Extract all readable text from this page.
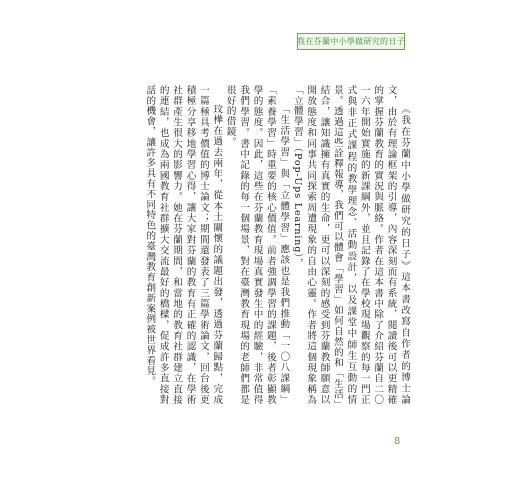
我在芬蘭中小學做研究的日子

《我在芬蘭中小學做研究的日子》這本書改寫自作者的博士論文，由於有理論框架的引導，內容深刻而有系統，閱讀後可以更精確的掌握芬蘭教育的實況與脈絡。作者在這本書中除了介紹芬蘭自二〇一六年開始實施的新課綱外，並且記錄了在學校現場觀察的每一門正式與非正式課程的教學理念、活動設計，以及課堂中師生互動的情景。透過這些詮釋報導，我們可以體會「學習」如何自然的和「生活」結合，讓知識擁有真實的生命，更可以深刻的感受到芬蘭教師願意以開放態度和同事共同探索周遭現象的自由心靈。作者將這個現象稱為「立體學習」（Pop-Ups Learning），

「生活學習」與「立體學習」應該也是我們推動「一〇八課綱」「素養學習」時重要的核心價值。前者強調學習的課題，後者彰顯教學的態度。因此，這些在芬蘭教育現場真實發生中的經驗，非常值得我們學習。書中記錄的每一個場景，對在臺灣教育現場的老師們都是很好的借鏡。

玟樺在過去兩年，從本土關懷的議題出發，透過芬蘭歸點，完成一篇極具考價值的博士論文；期間還發表了三篇學術論文，回台後更積極分享移地學習心得，讓大家對芬蘭的教育有正確的認識，在學術社群產生很大的影響力。她在芬蘭期間，和當地的教育社群建立直接的連結，也成為兩國教育社群擴大交流最好的橋樑，促成許多直接對話的機會，讓許多具有不同特色的臺灣教育創新案例被世界看見。

8
